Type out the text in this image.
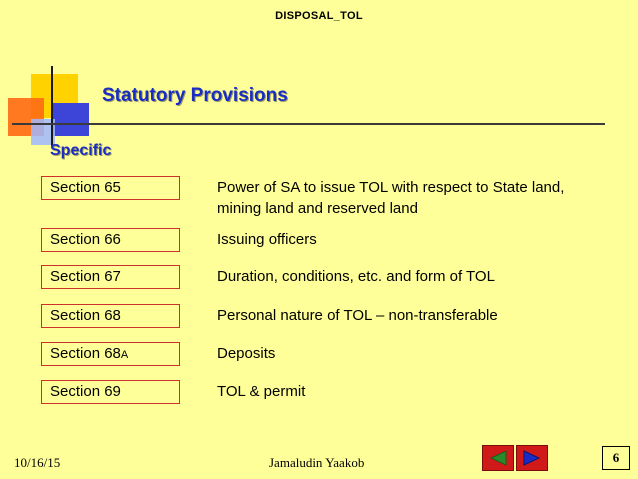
DISPOSAL_TOL
Statutory Provisions
Specific
Section 65	Power of SA to issue TOL with respect to State land, mining land and reserved land
Section 66	Issuing officers
Section 67	Duration, conditions, etc. and form of TOL
Section 68	Personal nature of TOL – non-transferable
Section 68A	Deposits
Section 69	TOL & permit
10/16/15	Jamaludin Yaakob	6
